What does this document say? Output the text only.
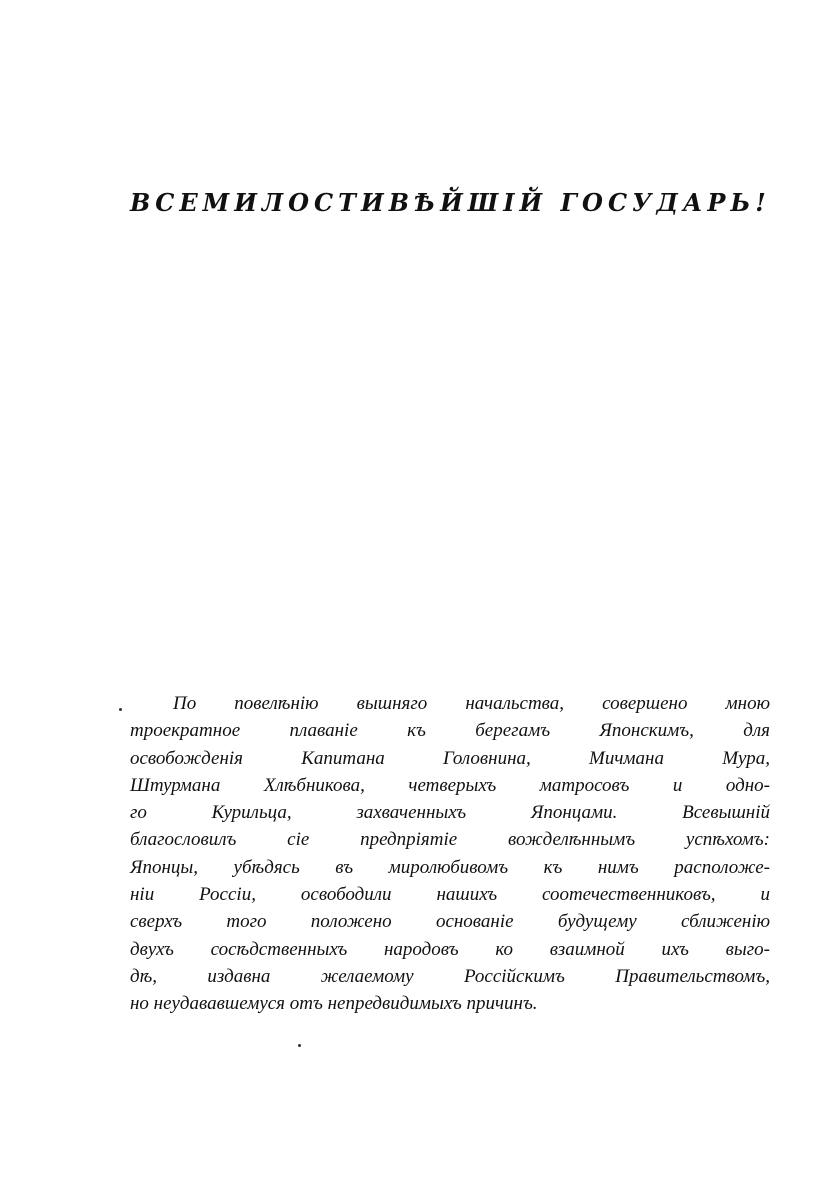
ВСЕМИЛОСТИВѢЙШІЙ ГОСУДАРЬ!
По повелѣнію вышняго начальства, совершено мною
троекратное плаваніе къ берегамъ Японскимъ, для
освобожденія Капитана Головнина, Мичмана Мура,
Штурмана Хлѣбникова, четверыхъ матросовъ и одно-
го Курильца, захваченныхъ Японцами. Всевышній
благословилъ сіе предпріятіе вожделѣннымъ успѣхомъ:
Японцы, убѣдясь въ миролюбивомъ къ нимъ расположе-
ніи Россіи, освободили нашихъ соотечественниковъ, и
сверхъ того положено основаніе будущему сближенію
двухъ сосѣдственныхъ народовъ ко взаимной ихъ выго-
дѣ, издавна желаемому Россійскимъ Правительствомъ,
но неудававшемуся отъ непредвидимыхъ причинъ.
